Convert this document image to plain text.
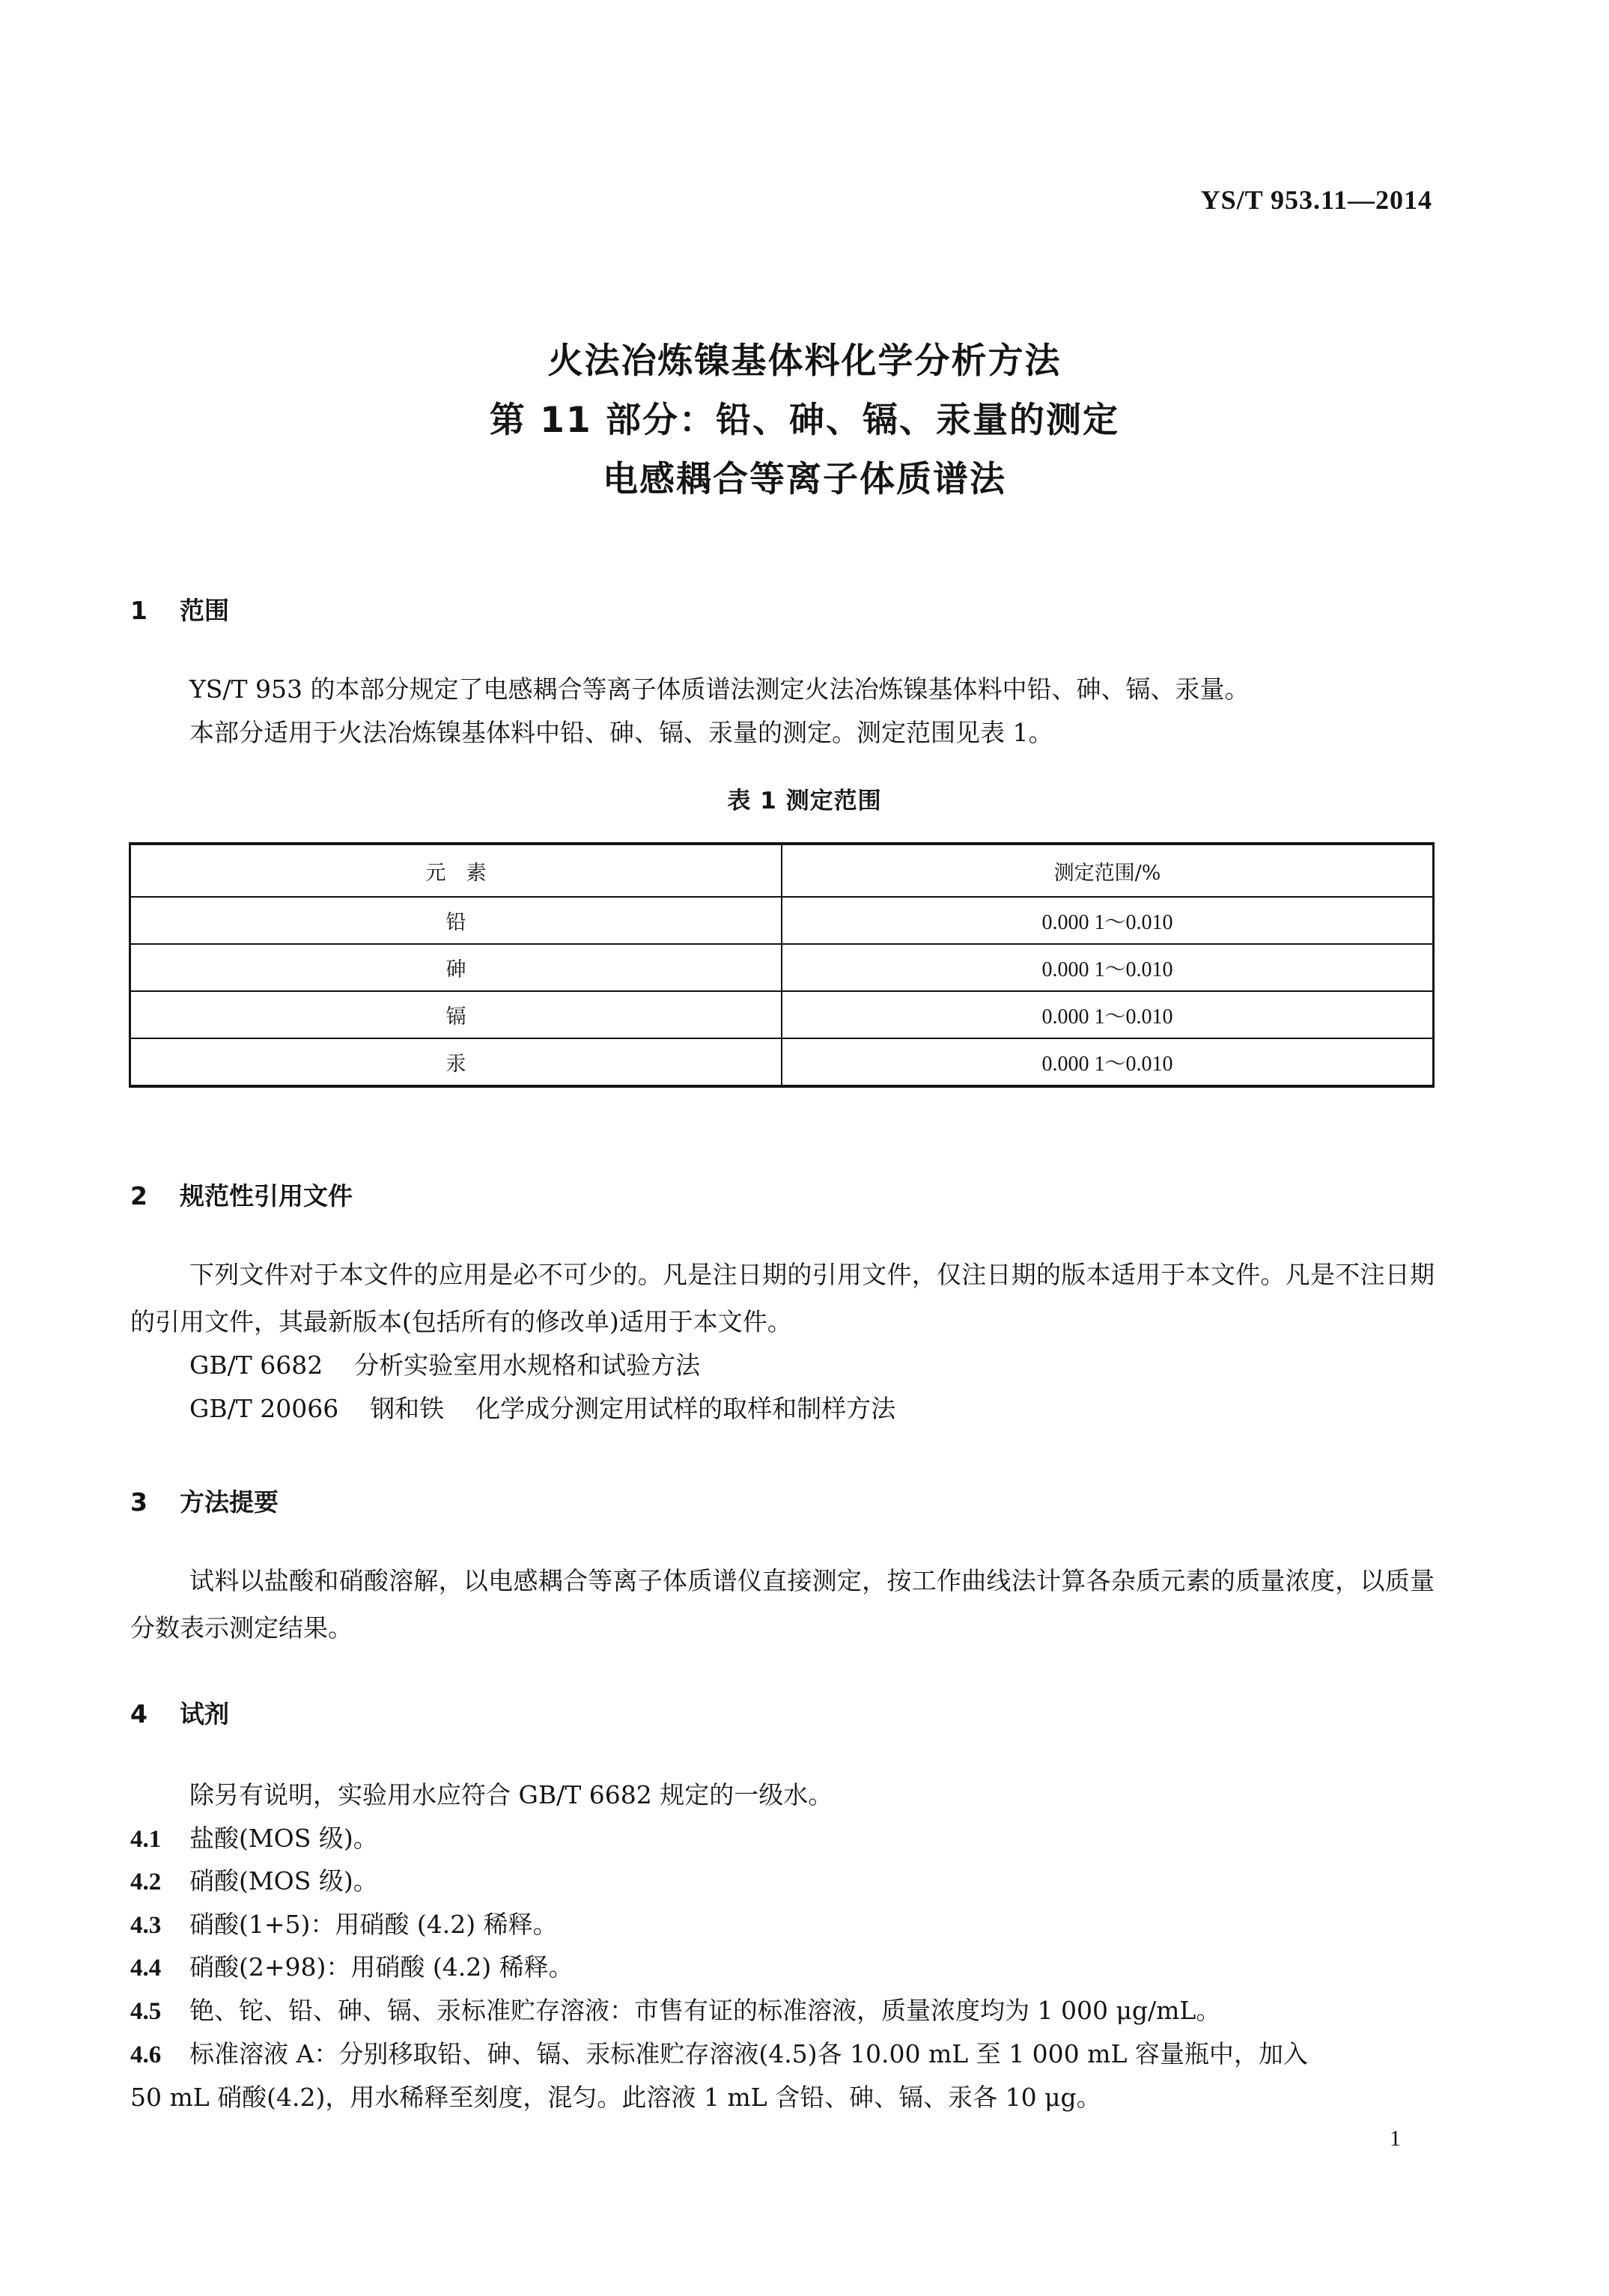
YS/T 953.11—2014
火法冶炼镍基体料化学分析方法
第 11 部分：铅、砷、镉、汞量的测定
电感耦合等离子体质谱法
1 范围
YS/T 953 的本部分规定了电感耦合等离子体质谱法测定火法冶炼镍基体料中铅、砷、镉、汞量。
本部分适用于火法冶炼镍基体料中铅、砷、镉、汞量的测定。测定范围见表 1。
表 1 测定范围
元　素	测定范围/%
铅	0.000 1～0.010
砷	0.000 1～0.010
镉	0.000 1～0.010
汞	0.000 1～0.010
2 规范性引用文件
下列文件对于本文件的应用是必不可少的。凡是注日期的引用文件，仅注日期的版本适用于本文件。凡是不注日期的引用文件，其最新版本(包括所有的修改单)适用于本文件。
GB/T 6682    分析实验室用水规格和试验方法
GB/T 20066    钢和铁    化学成分测定用试样的取样和制样方法
3 方法提要
试料以盐酸和硝酸溶解，以电感耦合等离子体质谱仪直接测定，按工作曲线法计算各杂质元素的质量浓度，以质量分数表示测定结果。
4 试剂
除另有说明，实验用水应符合 GB/T 6682 规定的一级水。
4.1 盐酸(MOS 级)。
4.2 硝酸(MOS 级)。
4.3 硝酸(1+5)：用硝酸 (4.2) 稀释。
4.4 硝酸(2+98)：用硝酸 (4.2) 稀释。
4.5 铯、铊、铅、砷、镉、汞标准贮存溶液：市售有证的标准溶液，质量浓度均为 1 000 μg/mL。
4.6 标准溶液 A：分别移取铅、砷、镉、汞标准贮存溶液(4.5)各 10.00 mL 至 1 000 mL 容量瓶中，加入
50 mL 硝酸(4.2)，用水稀释至刻度，混匀。此溶液 1 mL 含铅、砷、镉、汞各 10 μg。
1
